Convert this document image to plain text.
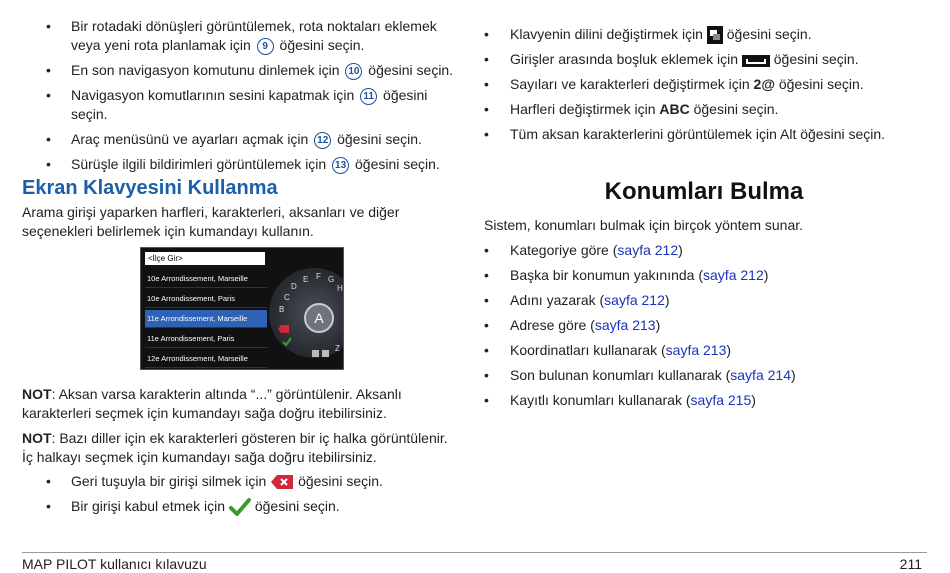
• Bir rotadaki dönüşleri görüntülemek, rota noktaları eklemek veya yeni rota planlamak için 9 öğesini seçin.
• En son navigasyon komutunu dinlemek için 10 öğesini seçin.
• Navigasyon komutlarının sesini kapatmak için 11 öğesini seçin.
• Araç menüsünü ve ayarları açmak için 12 öğesini seçin.
• Sürüşle ilgili bildirimleri görüntülemek için 13 öğesini seçin.
Ekran Klavyesini Kullanma

Arama girişi yaparken harfleri, karakterleri, aksanları ve diğer seçenekleri belirlemek için kumandayı kullanın.

NOT: Aksan varsa karakterin altında “...” görüntülenir. Aksanlı karakterleri seçmek için kumandayı sağa doğru itebilirsiniz.

NOT: Bazı diller için ek karakterleri gösteren bir iç halka görüntülenir. İç halkayı seçmek için kumandayı sağa doğru itebilirsiniz.

• Geri tuşuyla bir girişi silmek için öğesini seçin.
• Bir girişi kabul etmek için öğesini seçin.
<İlçe Gir>
10e Arrondissement, Marseille
10e Arrondissement, Paris
11e Arrondissement, Marseille
11e Arrondissement, Paris
12e Arrondissement, Marseille
A
D
E F G
H
C
B
Z
• Klavyenin dilini değiştirmek için öğesini seçin.
• Girişler arasında boşluk eklemek için	öğesini seçin.
• Sayıları ve karakterleri değiştirmek için 2@ öğesini seçin.
• Harfleri değiştirmek için ABC öğesini seçin.
• Tüm aksan karakterlerini görüntülemek için Alt öğesini seçin.
Konumları Bulma

Sistem, konumları bulmak için birçok yöntem sunar.

• Kategoriye göre (sayfa 212)
• Başka bir konumun yakınında (sayfa 212)
• Adını yazarak (sayfa 212)
• Adrese göre (sayfa 213)
• Koordinatları kullanarak (sayfa 213)
• Son bulunan konumları kullanarak (sayfa 214)
• Kayıtlı konumları kullanarak (sayfa 215)
MAP PILOT kullanıcı kılavuzu	211
